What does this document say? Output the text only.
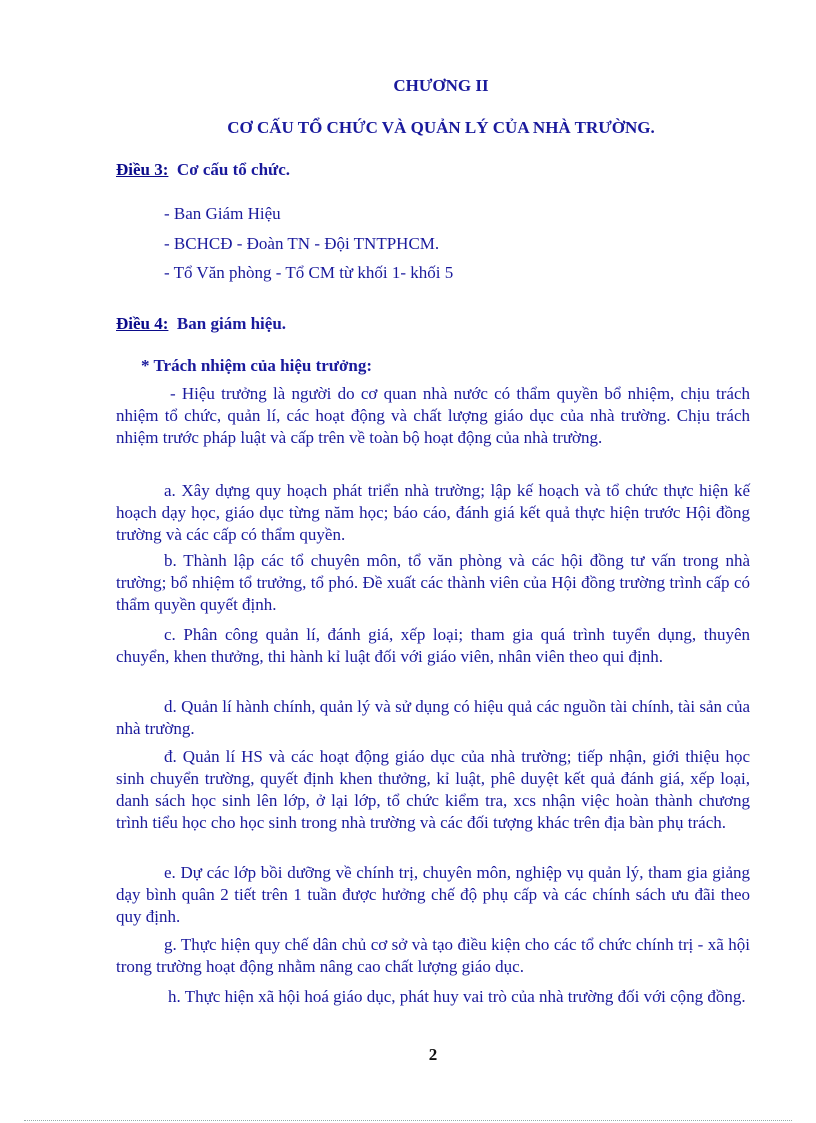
CHƯƠNG II
CƠ CẤU TỔ CHỨC VÀ QUẢN LÝ CỦA NHÀ TRƯỜNG.
Điều 3: Cơ cấu tổ chức.
- Ban Giám Hiệu
- BCHCĐ - Đoàn TN - Đội TNTPHCM.
- Tổ Văn phòng - Tổ CM từ khối 1- khối 5
Điều 4: Ban giám hiệu.
* Trách nhiệm của hiệu trưởng:
- Hiệu trưởng là người do cơ quan nhà nước có thẩm quyền bổ nhiệm, chịu trách nhiệm tổ chức, quản lí, các hoạt động và chất lượng giáo dục của nhà trường. Chịu trách nhiệm trước pháp luật và cấp trên về toàn bộ hoạt động của nhà trường.
a. Xây dựng quy hoạch phát triển nhà trường; lập kế hoạch và tổ chức thực hiện kế hoạch dạy học, giáo dục từng năm học; báo cáo, đánh giá kết quả thực hiện trước Hội đồng trường và các cấp có thẩm quyền.
b. Thành lập các tổ chuyên môn, tổ văn phòng và các hội đồng tư vấn trong nhà trường; bổ nhiệm tổ trưởng, tổ phó. Đề xuất các thành viên của Hội đồng trường trình cấp có thẩm quyền quyết định.
c. Phân công quản lí, đánh giá, xếp loại; tham gia quá trình tuyển dụng, thuyên chuyển, khen thưởng, thi hành kỉ luật đối với giáo viên, nhân viên theo qui định.
d. Quản lí hành chính, quản lý và sử dụng có hiệu quả các nguồn tài chính, tài sản của nhà trường.
đ. Quản lí HS và các hoạt động giáo dục của nhà trường; tiếp nhận, giới thiệu học sinh chuyển trường, quyết định khen thưởng, kỉ luật, phê duyệt kết quả đánh giá, xếp loại, danh sách học sinh lên lớp, ở lại lớp, tổ chức kiểm tra, xcs nhận việc hoàn thành chương trình tiểu học cho học sinh trong nhà trường và các đối tượng khác trên địa bàn phụ trách.
e. Dự các lớp bồi dưỡng về chính trị, chuyên môn, nghiệp vụ quản lý, tham gia giảng dạy bình quân 2 tiết trên 1 tuần được hưởng chế độ phụ cấp và các chính sách ưu đãi theo quy định.
g. Thực hiện quy chế dân chủ cơ sở và tạo điều kiện cho các tổ chức chính trị - xã hội trong trường hoạt động nhằm nâng cao chất lượng giáo dục.
h. Thực hiện xã hội hoá giáo dục, phát huy vai trò của nhà trường đối với cộng đồng.
2
